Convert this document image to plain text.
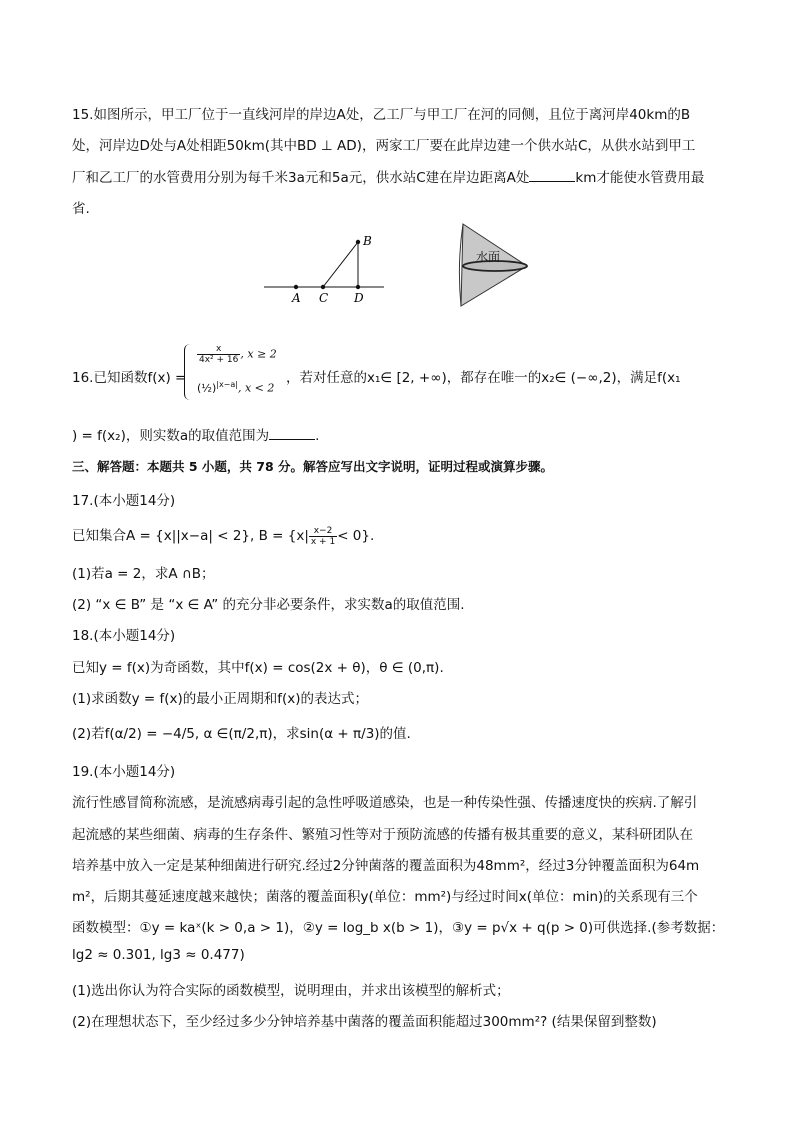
15.如图所示，甲工厂位于一直线河岸的岸边A处，乙工厂与甲工厂在河的同侧，且位于离河岸40km的B
处，河岸边D处与A处相距50km(其中BD ⊥ AD)，两家工厂要在此岸边建一个供水站C，从供水站到甲工
厂和乙工厂的水管费用分别为每千米3a元和5a元，供水站C建在岸边距离A处	km才能使水管费用最
省.
A C D
B
水面
16.已知函数f(x) =
$\frac{x}{\text{4x² + 16}}$ , x ≥ 2
(½)$^{|x-a|}$, x < 2
，若对任意的x₁∈ [2, +∞)，都存在唯一的x₂∈ (−∞,2)，满足f(x₁
) = f(x₂)，则实数a的取值范围为	.
三、解答题：本题共 5 小题，共 78 分。解答应写出文字说明，证明过程或演算步骤。
17.(本小题14分)
已知集合A = {x||x−a| < 2}, $B = \{x| \frac{x-2}{x + 1} < 0\}$.
(1)若a = 2，求A ∩B；
(2) “x ∈ B” 是 “x ∈ A” 的充分非必要条件，求实数a的取值范围.
18.(本小题14分)
已知y = f(x)为奇函数，其中f(x) = cos(2x + θ)，θ ∈ (0,π).
(1)求函数y = f(x)的最小正周期和f(x)的表达式；
(2)若f(α/2) = −4/5, α ∈(π/2,π)，求sin(α + π/3)的值.
19.(本小题14分)
流行性感冒简称流感，是流感病毒引起的急性呼吸道感染，也是一种传染性强、传播速度快的疾病.了解引
起流感的某些细菌、病毒的生存条件、繁殖习性等对于预防流感的传播有极其重要的意义，某科研团队在
培养基中放入一定是某种细菌进行研究.经过2分钟菌落的覆盖面积为48mm²，经过3分钟覆盖面积为64m
m²，后期其蔓延速度越来越快；菌落的覆盖面积y(单位：mm²)与经过时间x(单位：min)的关系现有三个
函数模型：①y = kaˣ(k > 0,a > 1)，②y = log_b x(b > 1)，③y = p√x + q(p > 0)可供选择.(参考数据：
lg2 ≈ 0.301, lg3 ≈ 0.477)
(1)选出你认为符合实际的函数模型，说明理由，并求出该模型的解析式；
(2)在理想状态下，至少经过多少分钟培养基中菌落的覆盖面积能超过300mm²? (结果保留到整数)
